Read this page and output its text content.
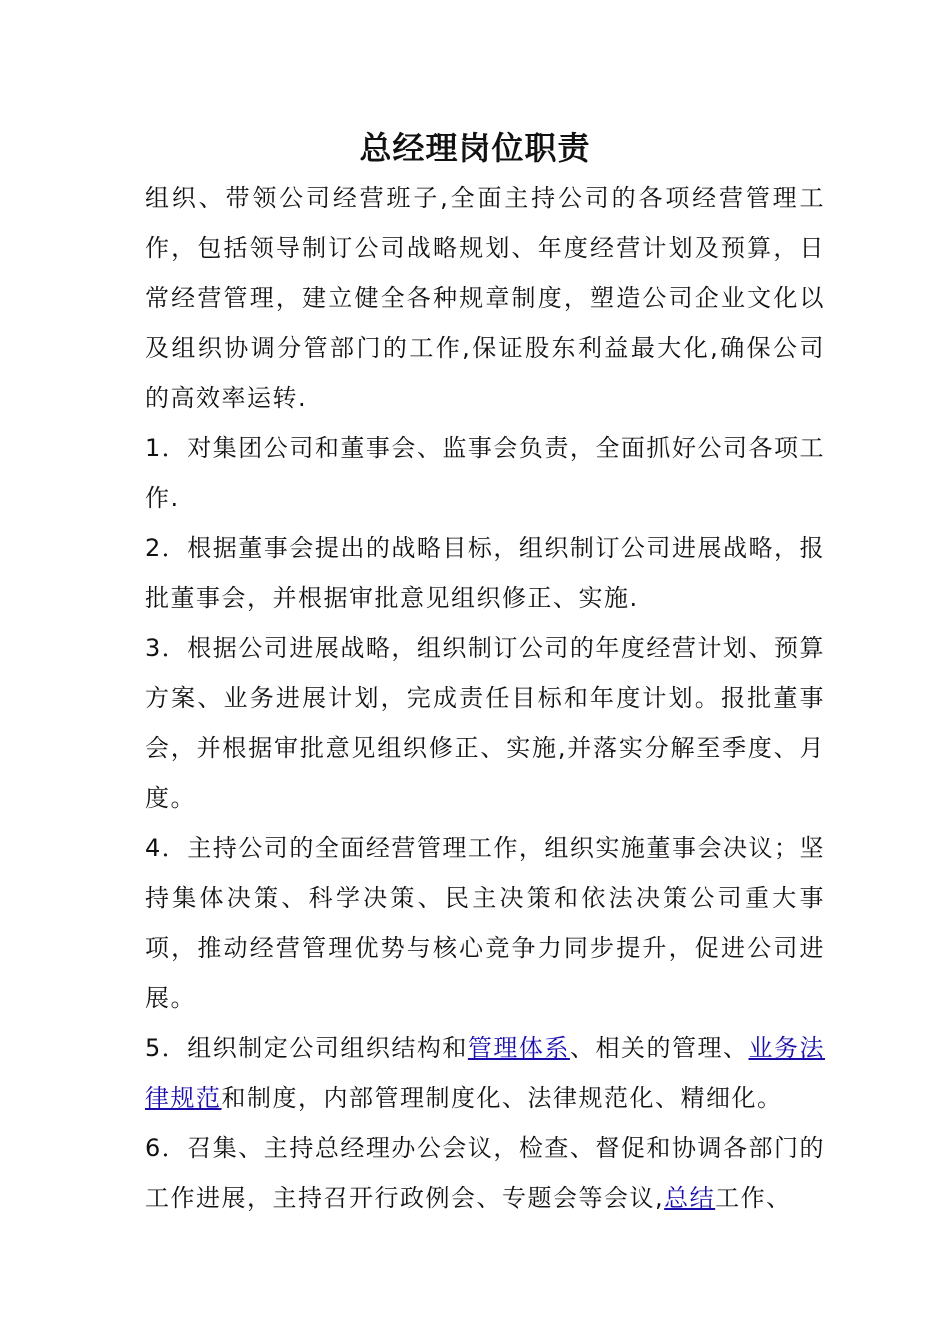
总经理岗位职责

组织、带领公司经营班子,全面主持公司的各项经营管理工作，包括领导制订公司战略规划、年度经营计划及预算，日常经营管理，建立健全各种规章制度，塑造公司企业文化以及组织协调分管部门的工作,保证股东利益最大化,确保公司的高效率运转.

1．对集团公司和董事会、监事会负责，全面抓好公司各项工作.

2．根据董事会提出的战略目标，组织制订公司进展战略，报批董事会，并根据审批意见组织修正、实施.

3．根据公司进展战略，组织制订公司的年度经营计划、预算方案、业务进展计划，完成责任目标和年度计划。报批董事会，并根据审批意见组织修正、实施,并落实分解至季度、月度。

4．主持公司的全面经营管理工作，组织实施董事会决议；坚持集体决策、科学决策、民主决策和依法决策公司重大事项，推动经营管理优势与核心竞争力同步提升，促进公司进展。

5．组织制定公司组织结构和管理体系、相关的管理、业务法律规范和制度，内部管理制度化、法律规范化、精细化。

6．召集、主持总经理办公会议，检查、督促和协调各部门的工作进展，主持召开行政例会、专题会等会议,总结工作、
